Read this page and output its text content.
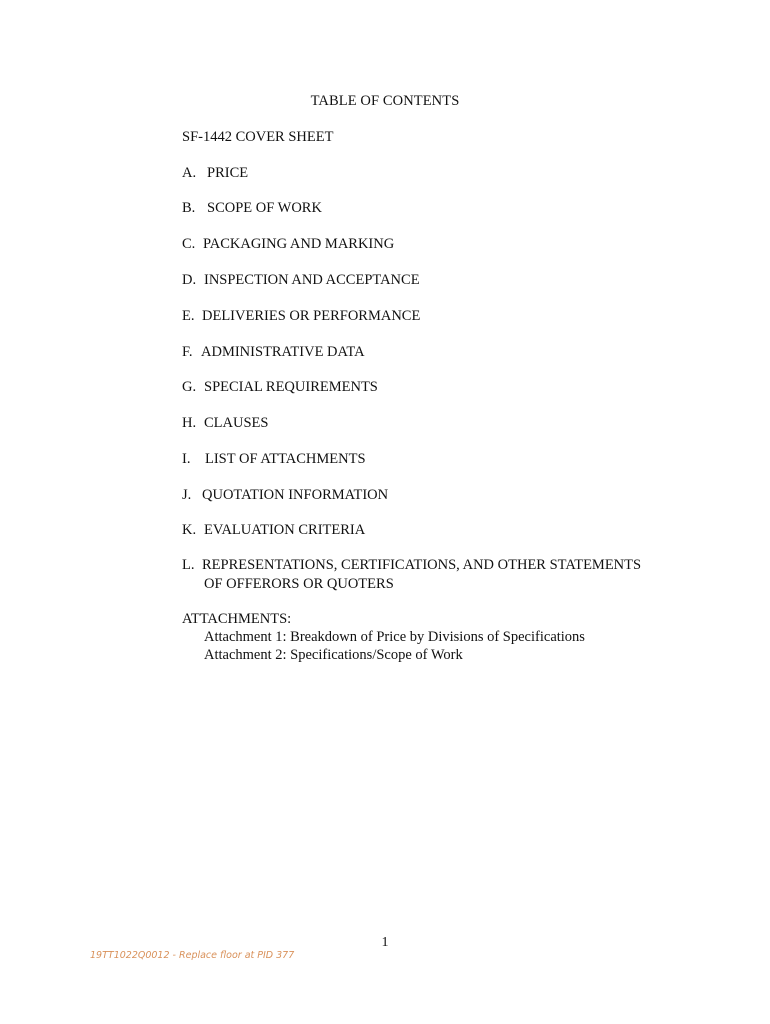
TABLE OF CONTENTS
SF-1442 COVER SHEET
A. PRICE
B. SCOPE OF WORK
C. PACKAGING AND MARKING
D. INSPECTION AND ACCEPTANCE
E. DELIVERIES OR PERFORMANCE
F. ADMINISTRATIVE DATA
G. SPECIAL REQUIREMENTS
H. CLAUSES
I. LIST OF ATTACHMENTS
J. QUOTATION INFORMATION
K. EVALUATION CRITERIA
L. REPRESENTATIONS, CERTIFICATIONS, AND OTHER STATEMENTS
OF OFFERORS OR QUOTERS
ATTACHMENTS:
Attachment 1: Breakdown of Price by Divisions of Specifications
Attachment 2: Specifications/Scope of Work
1
19TT1022Q0012 - Replace floor at PID 377
